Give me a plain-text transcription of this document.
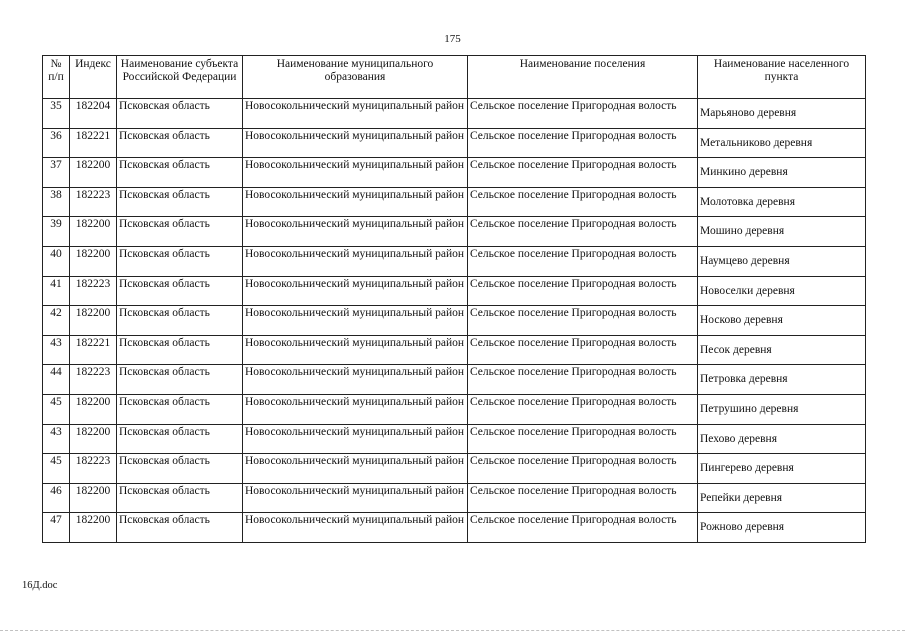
175
№ п/п	Индекс	Наименование субъекта Российской Федерации	Наименование муниципального образования	Наименование поселения	Наименование населенного пункта
35	182204	Псковская область	Новосокольнический муниципальный район	Сельское поселение Пригородная волость	Марьяново деревня
36	182221	Псковская область	Новосокольнический муниципальный район	Сельское поселение Пригородная волость	Метальниково деревня
37	182200	Псковская область	Новосокольнический муниципальный район	Сельское поселение Пригородная волость	Минкино деревня
38	182223	Псковская область	Новосокольнический муниципальный район	Сельское поселение Пригородная волость	Молотовка деревня
39	182200	Псковская область	Новосокольнический муниципальный район	Сельское поселение Пригородная волость	Мошино деревня
40	182200	Псковская область	Новосокольнический муниципальный район	Сельское поселение Пригородная волость	Наумцево деревня
41	182223	Псковская область	Новосокольнический муниципальный район	Сельское поселение Пригородная волость	Новоселки деревня
42	182200	Псковская область	Новосокольнический муниципальный район	Сельское поселение Пригородная волость	Носково деревня
43	182221	Псковская область	Новосокольнический муниципальный район	Сельское поселение Пригородная волость	Песок деревня
44	182223	Псковская область	Новосокольнический муниципальный район	Сельское поселение Пригородная волость	Петровка деревня
45	182200	Псковская область	Новосокольнический муниципальный район	Сельское поселение Пригородная волость	Петрушино деревня
43	182200	Псковская область	Новосокольнический муниципальный район	Сельское поселение Пригородная волость	Пехово деревня
45	182223	Псковская область	Новосокольнический муниципальный район	Сельское поселение Пригородная волость	Пингерево деревня
46	182200	Псковская область	Новосокольнический муниципальный район	Сельское поселение Пригородная волость	Репейки деревня
47	182200	Псковская область	Новосокольнический муниципальный район	Сельское поселение Пригородная волость	Рожново деревня
16Д.doc
